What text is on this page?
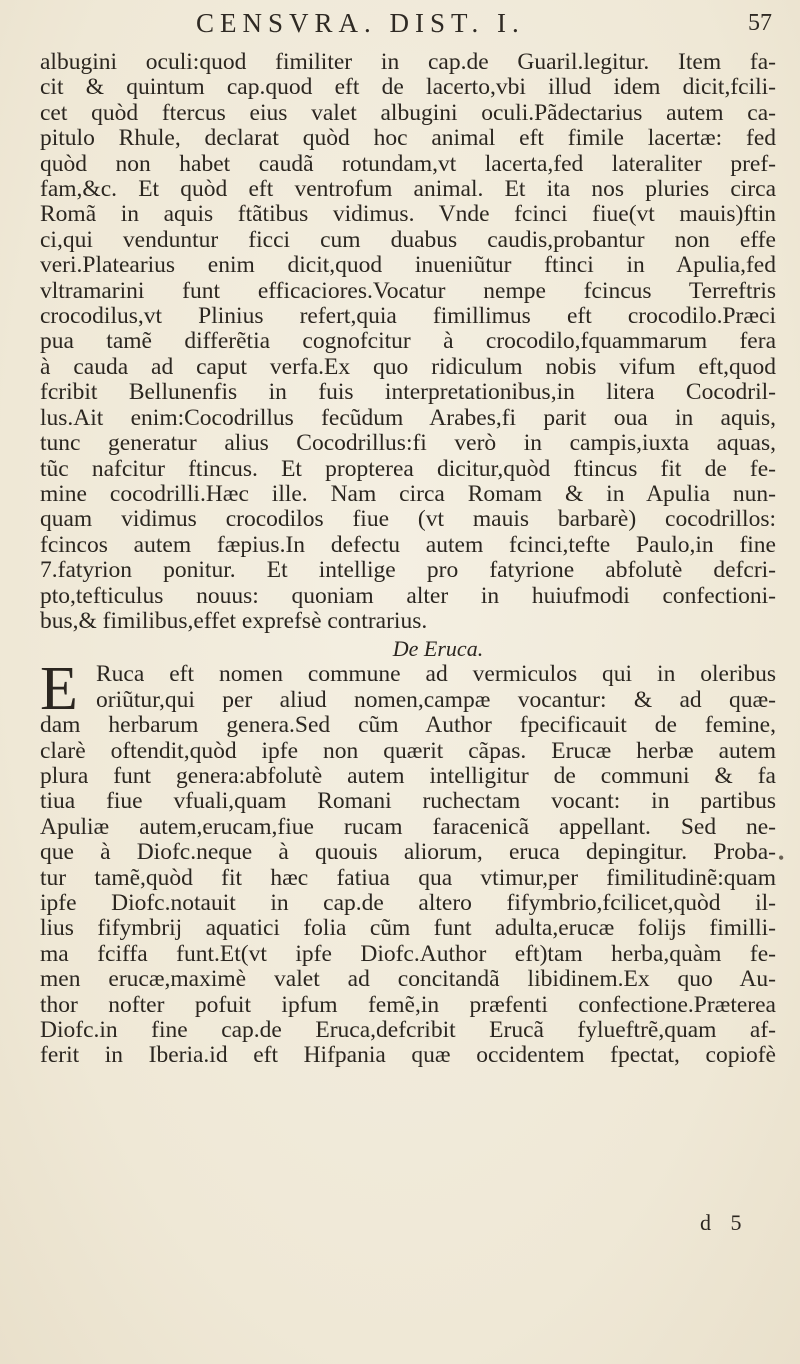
CENSVRA. DIST. I.	57
albugini oculi:quod fimiliter in cap.de Guaril.legitur. Item fa-
cit & quintum cap.quod eft de lacerto,vbi illud idem dicit,fcili-
cet quòd ftercus eius valet albugini oculi.Pãdectarius autem ca-
pitulo Rhule, declarat quòd hoc animal eft fimile lacertæ: fed
quòd non habet caudã rotundam,vt lacerta,fed lateraliter pref-
fam,&c. Et quòd eft ventrofum animal. Et ita nos pluries circa
Romã in aquis ftãtibus vidimus. Vnde fcinci fiue(vt mauis)ftin
ci,qui venduntur ficci cum duabus caudis,probantur non effe
veri.Platearius enim dicit,quod inueniũtur ftinci in Apulia,fed
vltramarini funt efficaciores.Vocatur nempe fcincus Terreftris
crocodilus,vt Plinius refert,quia fimillimus eft crocodilo.Præci
pua tamẽ differẽtia cognofcitur à crocodilo,fquammarum fera
à cauda ad caput verfa.Ex quo ridiculum nobis vifum eft,quod
fcribit Bellunenfis in fuis interpretationibus,in litera Cocodril-
lus.Ait enim:Cocodrillus fecũdum Arabes,fi parit oua in aquis,
tunc generatur alius Cocodrillus:fi verò in campis,iuxta aquas,
tũc nafcitur ftincus. Et propterea dicitur,quòd ftincus fit de fe-
mine cocodrilli.Hæc ille. Nam circa Romam & in Apulia nun-
quam vidimus crocodilos fiue (vt mauis barbarè) cocodrillos:
fcincos autem fæpius.In defectu autem fcinci,tefte Paulo,in fine
7.fatyrion ponitur. Et intellige pro fatyrione abfolutè defcri-
pto,tefticulus nouus: quoniam alter in huiufmodi confectioni-
bus,& fimilibus,effet exprefsè contrarius.
De Eruca.
E Ruca eft nomen commune ad vermiculos qui in oleribus
oriũtur,qui per aliud nomen,campæ vocantur: & ad quæ-
dam herbarum genera.Sed cũm Author fpecificauit de femine,
clarè oftendit,quòd ipfe non quærit cãpas. Erucæ herbæ autem
plura funt genera:abfolutè autem intelligitur de communi & fa
tiua fiue vfuali,quam Romani ruchectam vocant: in partibus
Apuliæ autem,erucam,fiue rucam faracenicã appellant. Sed ne-
que à Diofc.neque à quouis aliorum, eruca depingitur. Proba-
tur tamẽ,quòd fit hæc fatiua qua vtimur,per fimilitudinẽ:quam
ipfe Diofc.notauit in cap.de altero fifymbrio,fcilicet,quòd il-
lius fifymbrij aquatici folia cũm funt adulta,erucæ folijs fimilli-
ma fciffa funt.Et(vt ipfe Diofc.Author eft)tam herba,quàm fe-
men erucæ,maximè valet ad concitandã libidinem.Ex quo Au-
thor nofter pofuit ipfum femẽ,in præfenti confectione.Præterea
Diofc.in fine cap.de Eruca,defcribit Erucã fylueftrẽ,quam af-
ferit in Iberia.id eft Hifpania quæ occidentem fpectat, copiofè
d 5
•
